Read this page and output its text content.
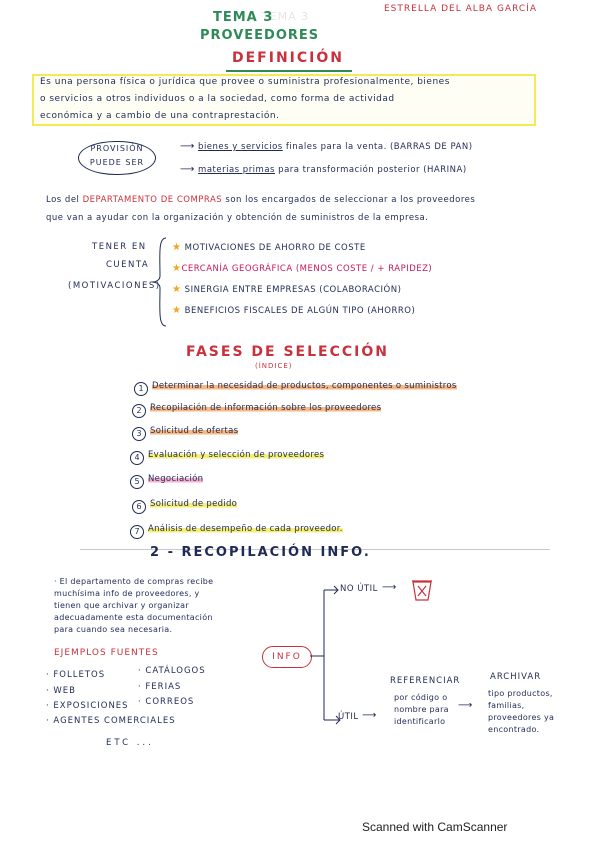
ESTRELLA DEL ALBA GARCÍA
TEMA 3
TEMA 3
PROVEEDORES
DEFINICIÓN
Es una persona física o jurídica que provee o suministra profesionalmente, bienes
o servicios a otros individuos o a la sociedad, como forma de actividad
económica y a cambio de una contraprestación.
PROVISIÓN
PUEDE SER
⟶ bienes y servicios finales para la venta. (BARRAS DE PAN)
⟶ materias primas para transformación posterior (HARINA)
Los del DEPARTAMENTO DE COMPRAS son los encargados de seleccionar a los proveedores
que van a ayudar con la organización y obtención de suministros de la empresa.
TENER EN
CUENTA
(MOTIVACIONES)
★ MOTIVACIONES DE AHORRO DE COSTE
★CERCANÍA GEOGRÁFICA (MENOS COSTE / + RAPIDEZ)
★ SINERGIA ENTRE EMPRESAS (COLABORACIÓN)
★ BENEFICIOS FISCALES DE ALGÚN TIPO (AHORRO)
FASES DE SELECCIÓN
(ÍNDICE)
1 Determinar la necesidad de productos, componentes o suministros
2 Recopilación de información sobre los proveedores
3 Solicitud de ofertas
4 Evaluación y selección de proveedores
5 Negociación
6 Solicitud de pedido
7 Análisis de desempeño de cada proveedor.
2 - RECOPILACIÓN INFO.
· El departamento de compras recibe
muchísima info de proveedores, y
tienen que archivar y organizar
adecuadamente esta documentación
para cuando sea necesaria.
EJEMPLOS FUENTES
· FOLLETOS
· WEB
· EXPOSICIONES
· AGENTES COMERCIALES
· CATÁLOGOS
· FERIAS
· CORREOS
ETC ...
INFO
NO ÚTIL ⟶
ÚTIL ⟶
REFERENCIAR
por código o
nombre para
identificarlo
⟶
ARCHIVAR
tipo productos,
familias,
proveedores ya
encontrado.
Scanned with CamScanner
